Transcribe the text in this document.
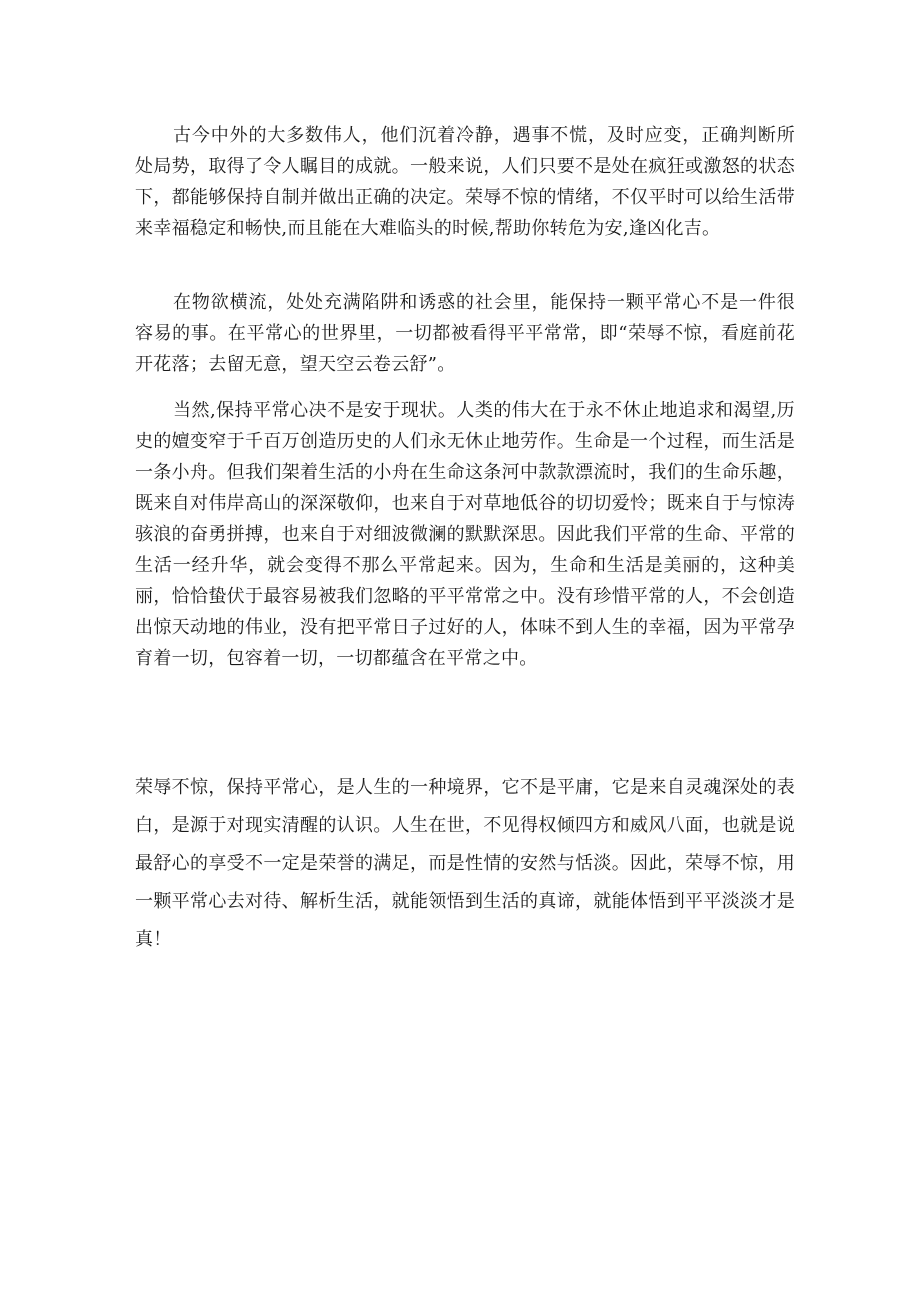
古今中外的大多数伟人，他们沉着冷静，遇事不慌，及时应变，正确判断所处局势，取得了令人瞩目的成就。一般来说，人们只要不是处在疯狂或激怒的状态下，都能够保持自制并做出正确的决定。荣辱不惊的情绪，不仅平时可以给生活带来幸福稳定和畅快,而且能在大难临头的时候,帮助你转危为安,逢凶化吉。

在物欲横流，处处充满陷阱和诱惑的社会里，能保持一颗平常心不是一件很容易的事。在平常心的世界里，一切都被看得平平常常，即“荣辱不惊，看庭前花开花落；去留无意，望天空云卷云舒”。

当然,保持平常心决不是安于现状。人类的伟大在于永不休止地追求和渴望,历史的嬗变窄于千百万创造历史的人们永无休止地劳作。生命是一个过程，而生活是一条小舟。但我们架着生活的小舟在生命这条河中款款漂流时，我们的生命乐趣，既来自对伟岸高山的深深敬仰，也来自于对草地低谷的切切爱怜；既来自于与惊涛骇浪的奋勇拼搏，也来自于对细波微澜的默默深思。因此我们平常的生命、平常的生活一经升华，就会变得不那么平常起来。因为，生命和生活是美丽的，这种美丽，恰恰蛰伏于最容易被我们忽略的平平常常之中。没有珍惜平常的人，不会创造出惊天动地的伟业，没有把平常日子过好的人，体味不到人生的幸福，因为平常孕育着一切，包容着一切，一切都蕴含在平常之中。

荣辱不惊，保持平常心，是人生的一种境界，它不是平庸，它是来自灵魂深处的表白，是源于对现实清醒的认识。人生在世，不见得权倾四方和威风八面，也就是说最舒心的享受不一定是荣誉的满足，而是性情的安然与恬淡。因此，荣辱不惊，用一颗平常心去对待、解析生活，就能领悟到生活的真谛，就能体悟到平平淡淡才是真！
